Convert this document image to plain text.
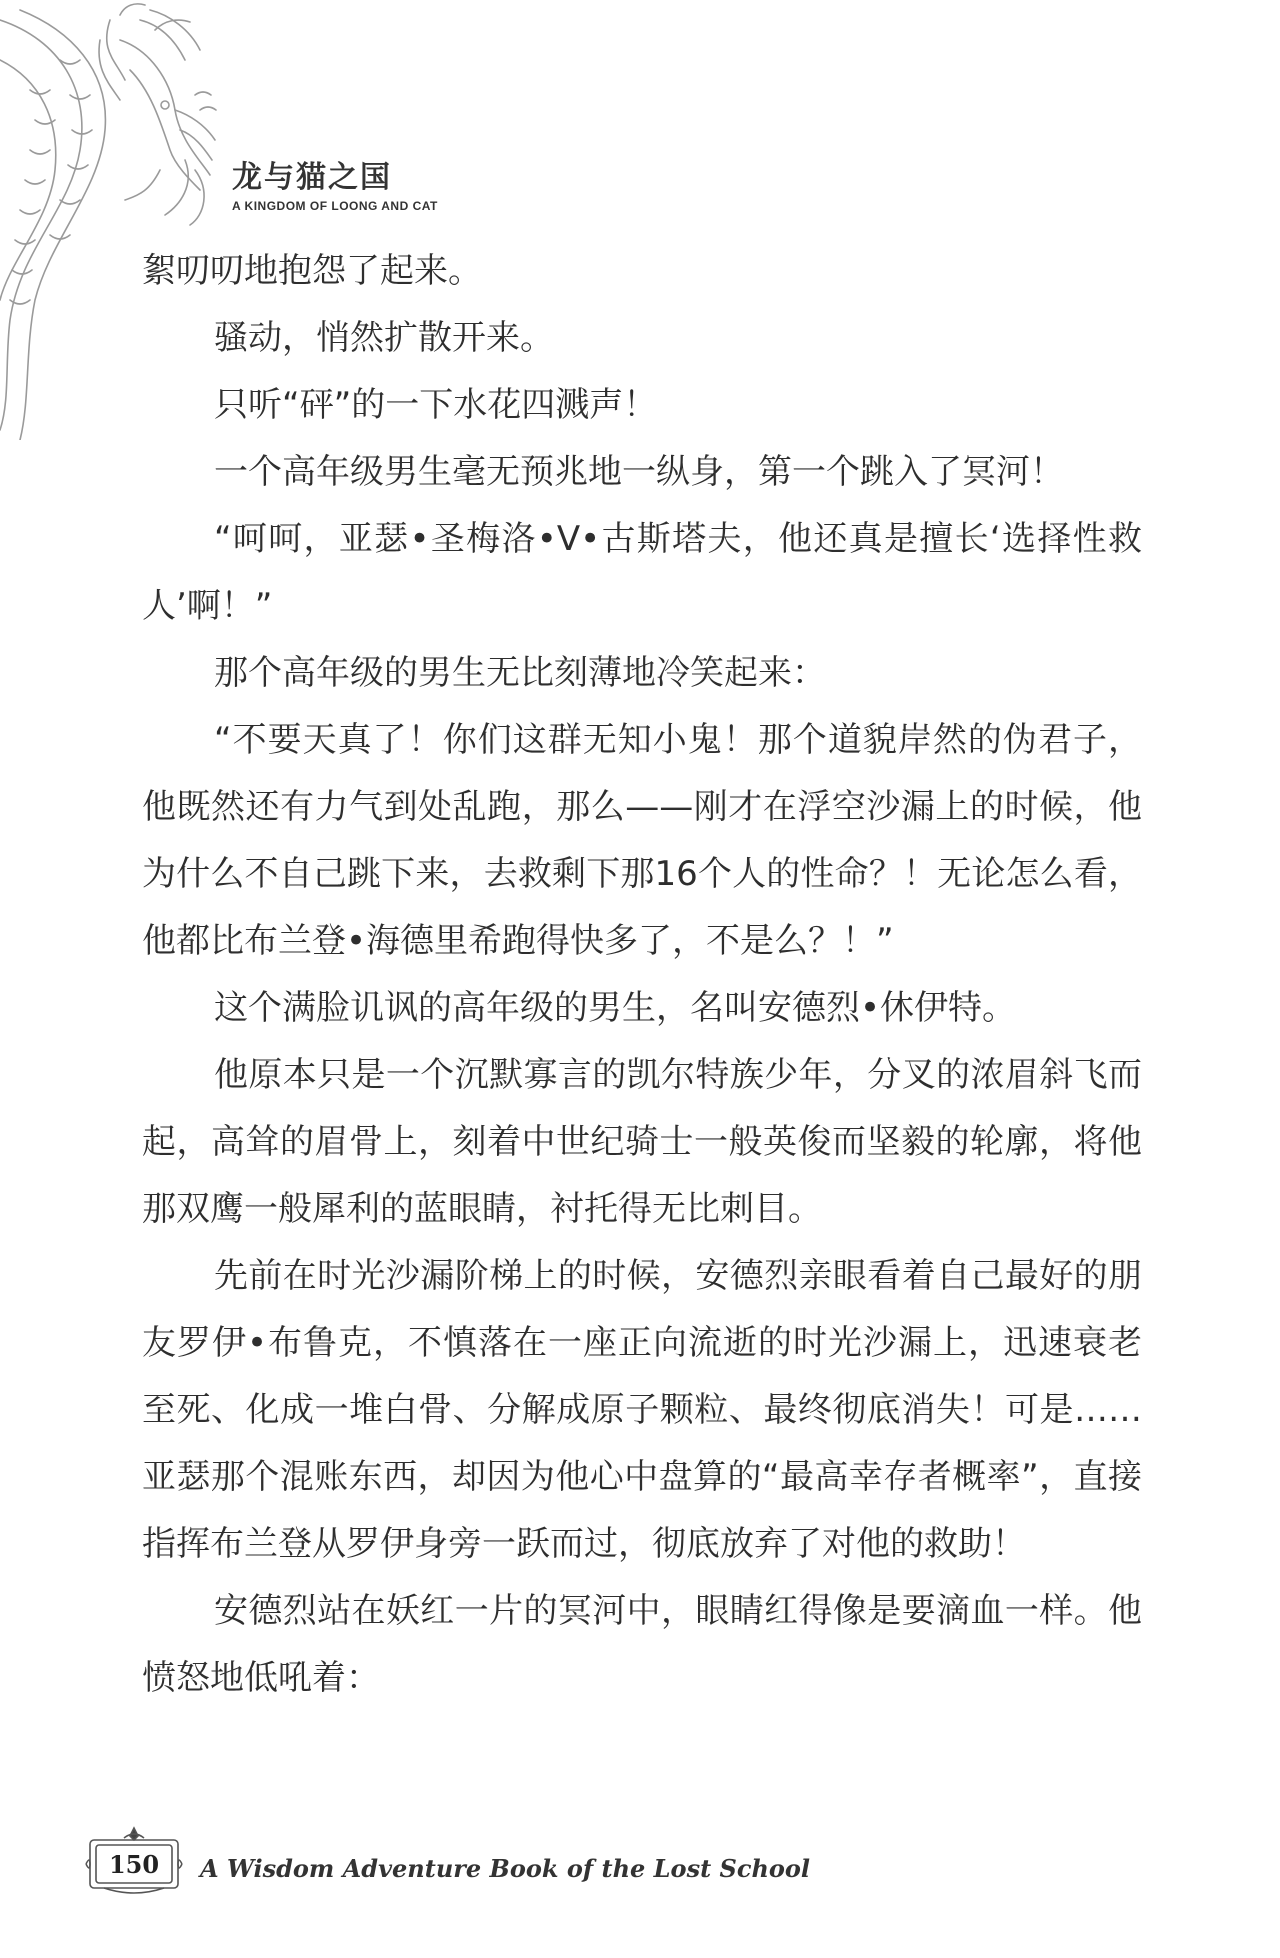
龙与猫之国
A KINGDOM OF LOONG AND CAT

絮叨叨地抱怨了起来。

骚动，悄然扩散开来。

只听“砰”的一下水花四溅声！

一个高年级男生毫无预兆地一纵身，第一个跳入了冥河！

“呵呵，亚瑟•圣梅洛•V•古斯塔夫，他还真是擅长‘选择性救人’啊！”

那个高年级的男生无比刻薄地冷笑起来：

“不要天真了！你们这群无知小鬼！那个道貌岸然的伪君子，他既然还有力气到处乱跑，那么——刚才在浮空沙漏上的时候，他为什么不自己跳下来，去救剩下那16个人的性命？！无论怎么看，他都比布兰登•海德里希跑得快多了，不是么？！”

这个满脸讥讽的高年级的男生，名叫安德烈•休伊特。

他原本只是一个沉默寡言的凯尔特族少年，分叉的浓眉斜飞而起，高耸的眉骨上，刻着中世纪骑士一般英俊而坚毅的轮廓，将他那双鹰一般犀利的蓝眼睛，衬托得无比刺目。

先前在时光沙漏阶梯上的时候，安德烈亲眼看着自己最好的朋友罗伊•布鲁克，不慎落在一座正向流逝的时光沙漏上，迅速衰老至死、化成一堆白骨、分解成原子颗粒、最终彻底消失！可是……亚瑟那个混账东西，却因为他心中盘算的“最高幸存者概率”，直接指挥布兰登从罗伊身旁一跃而过，彻底放弃了对他的救助！

安德烈站在妖红一片的冥河中，眼睛红得像是要滴血一样。他愤怒地低吼着：

150	A Wisdom Adventure Book of the Lost School
